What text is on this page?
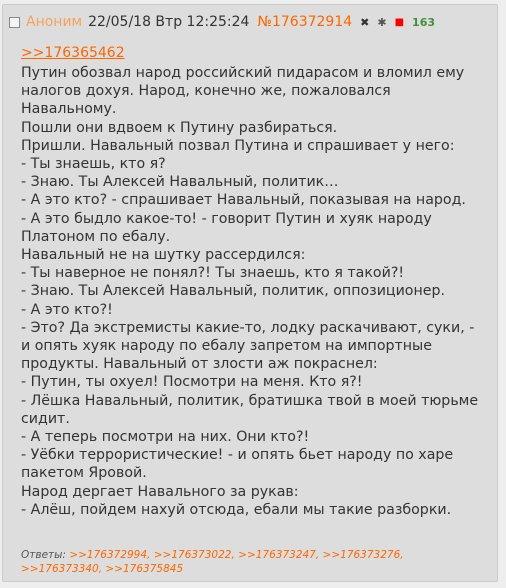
Аноним 22/05/18 Втр 12:25:24 №176372914 ✖ ✱ ■ 163
>>176365462
Путин обозвал народ российский пидарасом и вломил ему
налогов дохуя. Народ, конечно же, пожаловался
Навальному.
Пошли они вдвоем к Путину разбираться.
Пришли. Навальный позвал Путина и спрашивает у него:
- Ты знаешь, кто я?
- Знаю. Ты Алексей Навальный, политик…
- А это кто? - спрашивает Навальный, показывая на народ.
- А это быдло какое-то! - говорит Путин и хуяк народу
Платоном по ебалу.
Навальный не на шутку рассердился:
- Ты наверное не понял?! Ты знаешь, кто я такой?!
- Знаю. Ты Алексей Навальный, политик, оппозиционер.
- А это кто?!
- Это? Да экстремисты какие-то, лодку раскачивают, суки, -
и опять хуяк народу по ебалу запретом на импортные
продукты. Навальный от злости аж покраснел:
- Путин, ты охуел! Посмотри на меня. Кто я?!
- Лёшка Навальный, политик, братишка твой в моей тюрьме
сидит.
- А теперь посмотри на них. Они кто?!
- Уёбки террористические! - и опять бьет народу по харе
пакетом Яровой.
Народ дергает Навального за рукав:
- Алёш, пойдем нахуй отсюда, ебали мы такие разборки.
Ответы: >>176372994, >>176373022, >>176373247, >>176373276, >>176373340, >>176375845
